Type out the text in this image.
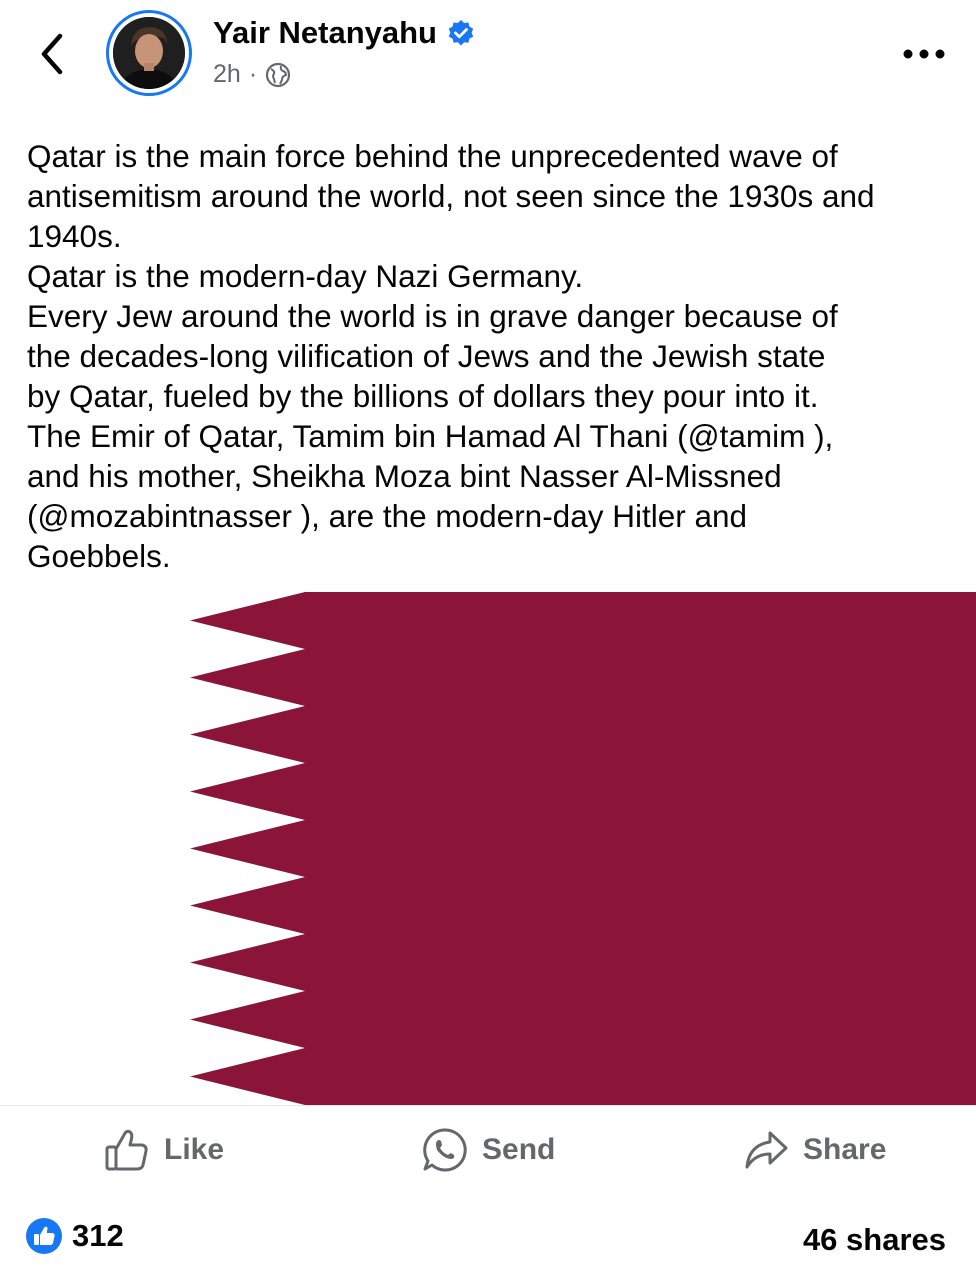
Yair Netanyahu
2h ·

Qatar is the main force behind the unprecedented wave of
antisemitism around the world, not seen since the 1930s and
1940s.
Qatar is the modern-day Nazi Germany.
Every Jew around the world is in grave danger because of
the decades-long vilification of Jews and the Jewish state
by Qatar, fueled by the billions of dollars they pour into it.
The Emir of Qatar, Tamim bin Hamad Al Thani (@tamim ),
and his mother, Sheikha Moza bint Nasser Al-Missned
(@mozabintnasser ), are the modern-day Hitler and
Goebbels.

Like	Send	Share
312	46 shares
